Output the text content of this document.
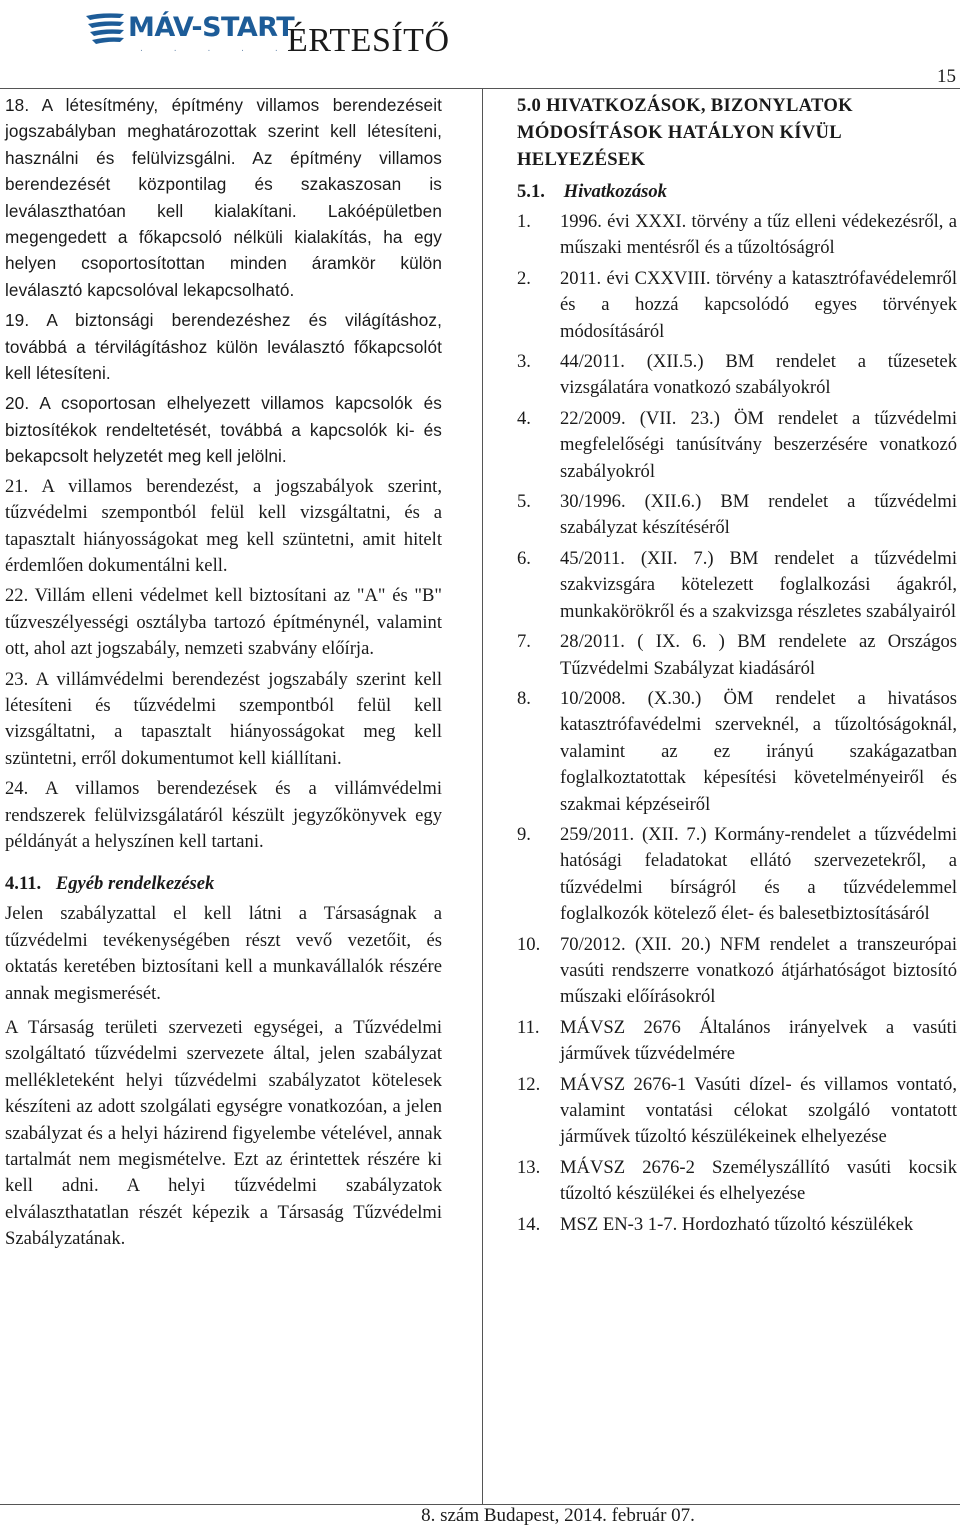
MÁV-START
. . . . .
ÉRTESÍTŐ
15

18. A létesítmény, építmény villamos berendezéseit jogszabályban meghatározottak szerint kell létesíteni, használni és felülvizsgálni. Az építmény villamos berendezését központilag és szakaszosan is leválaszthatóan kell kialakítani. Lakóépületben megengedett a főkapcsoló nélküli kialakítás, ha egy helyen csoportosítottan minden áramkör külön leválasztó kapcsolóval lekapcsolható.

19. A biztonsági berendezéshez és világításhoz, továbbá a térvilágításhoz külön leválasztó főkapcsolót kell létesíteni.

20. A csoportosan elhelyezett villamos kapcsolók és biztosítékok rendeltetését, továbbá a kapcsolók ki- és bekapcsolt helyzetét meg kell jelölni.

21. A villamos berendezést, a jogszabályok szerint, tűzvédelmi szempontból felül kell vizsgáltatni, és a tapasztalt hiányosságokat meg kell szüntetni, amit hitelt érdemlően dokumentálni kell.

22. Villám elleni védelmet kell biztosítani az "A" és "B" tűzveszélyességi osztályba tartozó építménynél, valamint ott, ahol azt jogszabály, nemzeti szabvány előírja.

23. A villámvédelmi berendezést jogszabály szerint kell létesíteni és tűzvédelmi szempontból felül kell vizsgáltatni, a tapasztalt hiányosságokat meg kell szüntetni, erről dokumentumot kell kiállítani.

24. A villamos berendezések és a villámvédelmi rendszerek felülvizsgálatáról készült jegyzőkönyvek egy példányát a helyszínen kell tartani.

4.11. Egyéb rendelkezések

Jelen szabályzattal el kell látni a Társaságnak a tűzvédelmi tevékenységében részt vevő vezetőit, és oktatás keretében biztosítani kell a munkavállalók részére annak megismerését.

A Társaság területi szervezeti egységei, a Tűzvédelmi szolgáltató tűzvédelmi szervezete által, jelen szabályzat mellékleteként helyi tűzvédelmi szabályzatot kötelesek készíteni az adott szolgálati egységre vonatkozóan, a jelen szabályzat és a helyi házirend figyelembe vételével, annak tartalmát nem megismételve. Ezt az érintettek részére ki kell adni. A helyi tűzvédelmi szabályzatok elválaszthatatlan részét képezik a Társaság Tűzvédelmi Szabályzatának.

5.0 HIVATKOZÁSOK, BIZONYLATOK MÓDOSÍTÁSOK HATÁLYON KÍVÜL HELYEZÉSEK
5.1. Hivatkozások
1.	1996. évi XXXI. törvény a tűz elleni védekezésről, a műszaki mentésről és a tűzoltóságról
2.	2011. évi CXXVIII. törvény a katasztrófavédelemről és a hozzá kapcsolódó egyes törvények módosításáról
3.	44/2011. (XII.5.) BM rendelet a tűzesetek vizsgálatára vonatkozó szabályokról
4.	22/2009. (VII. 23.) ÖM rendelet a tűzvédelmi megfelelőségi tanúsítvány beszerzésére vonatkozó szabályokról
5.	30/1996. (XII.6.) BM rendelet a tűzvédelmi szabályzat készítéséről
6.	45/2011. (XII. 7.) BM rendelet a tűzvédelmi szakvizsgára kötelezett foglalkozási ágakról, munkakörökről és a szakvizsga részletes szabályairól
7.	28/2011. ( IX. 6. ) BM rendelete az Országos Tűzvédelmi Szabályzat kiadásáról
8.	10/2008. (X.30.) ÖM rendelet a hivatásos katasztrófavédelmi szerveknél, a tűzoltóságoknál, valamint az ez irányú szakágazatban foglalkoztatottak képesítési követelményeiről és szakmai képzéseiről
9.	259/2011. (XII. 7.) Kormány-rendelet a tűzvédelmi hatósági feladatokat ellátó szervezetekről, a tűzvédelmi bírságról és a tűzvédelemmel foglalkozók kötelező élet- és balesetbiztosításáról
10.	70/2012. (XII. 20.) NFM rendelet a transzeurópai vasúti rendszerre vonatkozó átjárhatóságot biztosító műszaki előírásokról
11.	MÁVSZ 2676 Általános irányelvek a vasúti járművek tűzvédelmére
12.	MÁVSZ 2676-1 Vasúti dízel- és villamos vontató, valamint vontatási célokat szolgáló vontatott járművek tűzoltó készülékeinek elhelyezése
13.	MÁVSZ 2676-2 Személyszállító vasúti kocsik tűzoltó készülékei és elhelyezése
14.	MSZ EN-3 1-7. Hordozható tűzoltó készülékek
8. szám Budapest, 2014. február 07.
